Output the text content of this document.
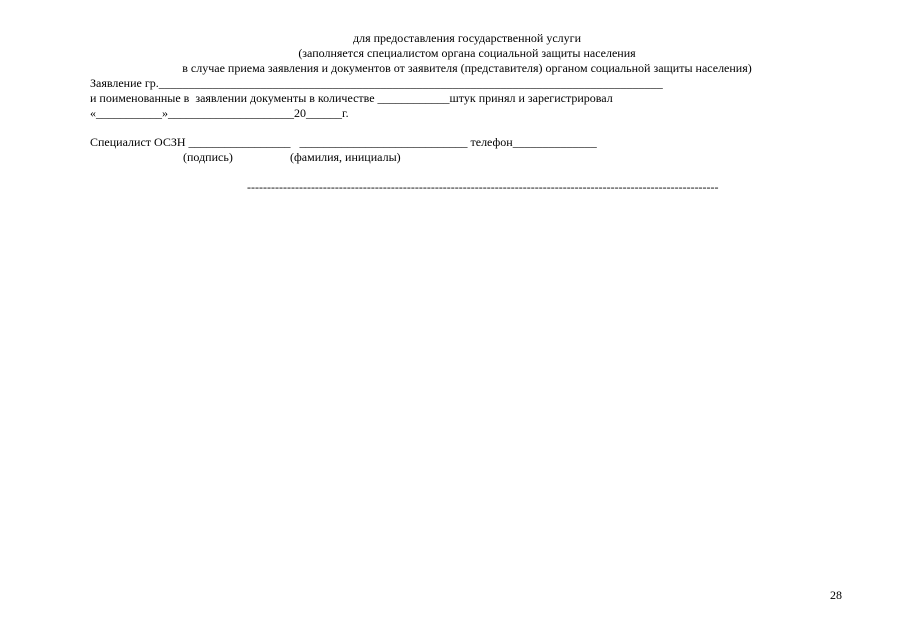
для предоставления государственной услуги
(заполняется специалистом органа социальной защиты населения
в случае приема заявления и документов от заявителя (представителя) органом социальной защиты населения)
Заявление гр.____________________________________________________________________________________
и поименованные в  заявлении документы в количестве ____________штук принял и зарегистрировал
«___________»_____________________20______г.
Специалист ОСЗН _________________   ____________________________ телефон______________
(подпись)	(фамилия, инициалы)
----------------------------------------------------------------------------------------------------------------------
28
